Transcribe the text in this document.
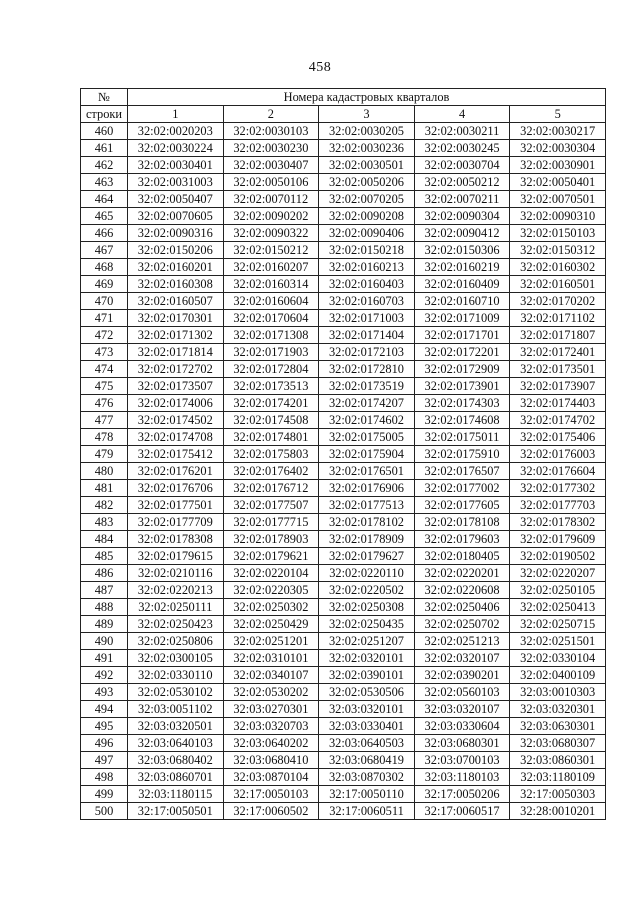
458
№	Номера кадастровых кварталов				
строки	1	2	3	4	5
460	32:02:0020203	32:02:0030103	32:02:0030205	32:02:0030211	32:02:0030217
461	32:02:0030224	32:02:0030230	32:02:0030236	32:02:0030245	32:02:0030304
462	32:02:0030401	32:02:0030407	32:02:0030501	32:02:0030704	32:02:0030901
463	32:02:0031003	32:02:0050106	32:02:0050206	32:02:0050212	32:02:0050401
464	32:02:0050407	32:02:0070112	32:02:0070205	32:02:0070211	32:02:0070501
465	32:02:0070605	32:02:0090202	32:02:0090208	32:02:0090304	32:02:0090310
466	32:02:0090316	32:02:0090322	32:02:0090406	32:02:0090412	32:02:0150103
467	32:02:0150206	32:02:0150212	32:02:0150218	32:02:0150306	32:02:0150312
468	32:02:0160201	32:02:0160207	32:02:0160213	32:02:0160219	32:02:0160302
469	32:02:0160308	32:02:0160314	32:02:0160403	32:02:0160409	32:02:0160501
470	32:02:0160507	32:02:0160604	32:02:0160703	32:02:0160710	32:02:0170202
471	32:02:0170301	32:02:0170604	32:02:0171003	32:02:0171009	32:02:0171102
472	32:02:0171302	32:02:0171308	32:02:0171404	32:02:0171701	32:02:0171807
473	32:02:0171814	32:02:0171903	32:02:0172103	32:02:0172201	32:02:0172401
474	32:02:0172702	32:02:0172804	32:02:0172810	32:02:0172909	32:02:0173501
475	32:02:0173507	32:02:0173513	32:02:0173519	32:02:0173901	32:02:0173907
476	32:02:0174006	32:02:0174201	32:02:0174207	32:02:0174303	32:02:0174403
477	32:02:0174502	32:02:0174508	32:02:0174602	32:02:0174608	32:02:0174702
478	32:02:0174708	32:02:0174801	32:02:0175005	32:02:0175011	32:02:0175406
479	32:02:0175412	32:02:0175803	32:02:0175904	32:02:0175910	32:02:0176003
480	32:02:0176201	32:02:0176402	32:02:0176501	32:02:0176507	32:02:0176604
481	32:02:0176706	32:02:0176712	32:02:0176906	32:02:0177002	32:02:0177302
482	32:02:0177501	32:02:0177507	32:02:0177513	32:02:0177605	32:02:0177703
483	32:02:0177709	32:02:0177715	32:02:0178102	32:02:0178108	32:02:0178302
484	32:02:0178308	32:02:0178903	32:02:0178909	32:02:0179603	32:02:0179609
485	32:02:0179615	32:02:0179621	32:02:0179627	32:02:0180405	32:02:0190502
486	32:02:0210116	32:02:0220104	32:02:0220110	32:02:0220201	32:02:0220207
487	32:02:0220213	32:02:0220305	32:02:0220502	32:02:0220608	32:02:0250105
488	32:02:0250111	32:02:0250302	32:02:0250308	32:02:0250406	32:02:0250413
489	32:02:0250423	32:02:0250429	32:02:0250435	32:02:0250702	32:02:0250715
490	32:02:0250806	32:02:0251201	32:02:0251207	32:02:0251213	32:02:0251501
491	32:02:0300105	32:02:0310101	32:02:0320101	32:02:0320107	32:02:0330104
492	32:02:0330110	32:02:0340107	32:02:0390101	32:02:0390201	32:02:0400109
493	32:02:0530102	32:02:0530202	32:02:0530506	32:02:0560103	32:03:0010303
494	32:03:0051102	32:03:0270301	32:03:0320101	32:03:0320107	32:03:0320301
495	32:03:0320501	32:03:0320703	32:03:0330401	32:03:0330604	32:03:0630301
496	32:03:0640103	32:03:0640202	32:03:0640503	32:03:0680301	32:03:0680307
497	32:03:0680402	32:03:0680410	32:03:0680419	32:03:0700103	32:03:0860301
498	32:03:0860701	32:03:0870104	32:03:0870302	32:03:1180103	32:03:1180109
499	32:03:1180115	32:17:0050103	32:17:0050110	32:17:0050206	32:17:0050303
500	32:17:0050501	32:17:0060502	32:17:0060511	32:17:0060517	32:28:0010201
